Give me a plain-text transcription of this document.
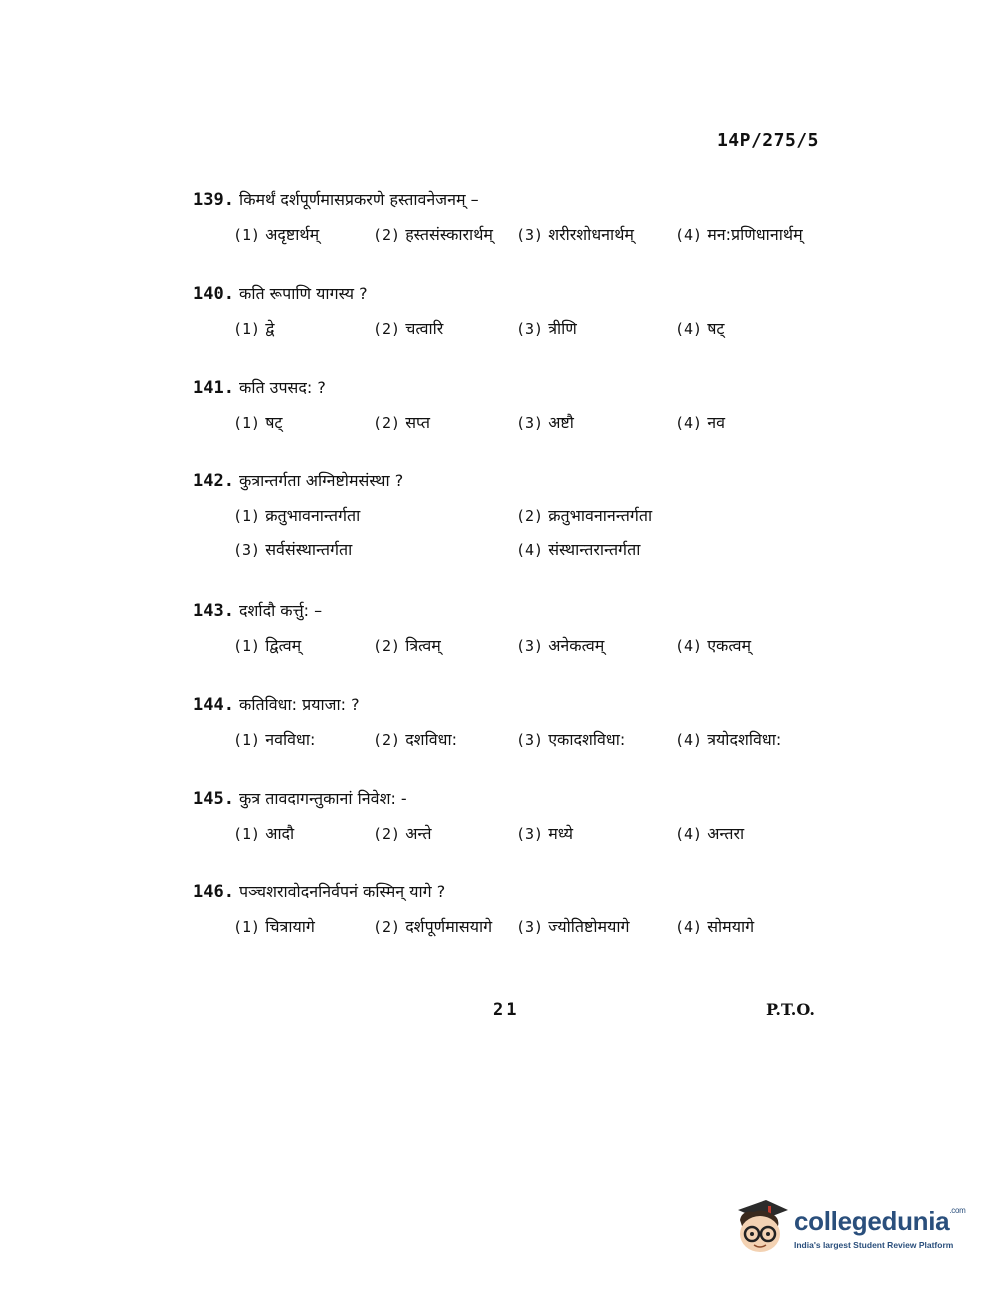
14P/275/5
139. किमर्थं दर्शपूर्णमासप्रकरणे हस्तावनेजनम् –
(1) अदृष्टार्थम्	(2) हस्तसंस्कारार्थम् (3) शरीरशोधनार्थम्	(4) मन:प्रणिधानार्थम्
140. कति रूपाणि यागस्य ?
(1) द्वे	(2) चत्वारि	(3) त्रीणि	(4) षट्
141. कति उपसद: ?
(1) षट्	(2) सप्त	(3) अष्टौ	(4) नव
142. कुत्रान्तर्गता अग्निष्टोमसंस्था ?
(1) क्रतुभावनान्तर्गता	(2) क्रतुभावनानन्तर्गता
(3) सर्वसंस्थान्तर्गता	(4) संस्थान्तरान्तर्गता
143. दर्शादौ कर्त्तु: –
(1) द्वित्वम्	(2) त्रित्वम्	(3) अनेकत्वम्	(4) एकत्वम्
144. कतिविधा: प्रयाजा: ?
(1) नवविधा:	(2) दशविधा:	(3) एकादशविधा:	(4) त्रयोदशविधा:
145. कुत्र तावदागन्तुकानां निवेश: -
(1) आदौ	(2) अन्ते	(3) मध्ये	(4) अन्तरा
146. पञ्चशरावोदननिर्वपनं कस्मिन् यागे ?
(1) चित्रायागे	(2) दर्शपूर्णमासयागे (3) ज्योतिष्टोमयागे	(4) सोमयागे
21	P.T.O.
collegedunia$^{.com}$
India's largest Student Review Platform
